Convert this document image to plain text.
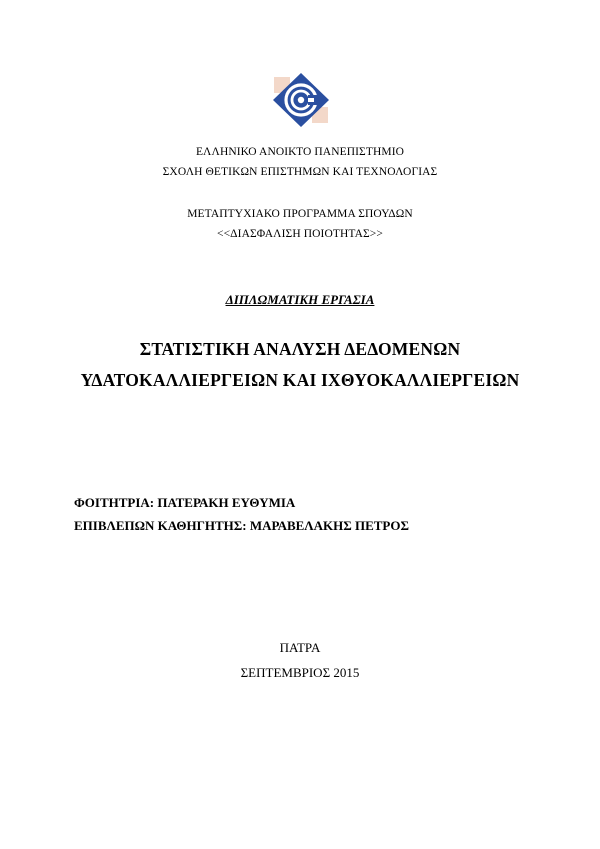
ΕΛΛΗΝΙΚΟ ΑΝΟΙΚΤΟ ΠΑΝΕΠΙΣΤΗΜΙΟ
ΣΧΟΛΗ ΘΕΤΙΚΩΝ ΕΠΙΣΤΗΜΩΝ ΚΑΙ ΤΕΧΝΟΛΟΓΙΑΣ
ΜΕΤΑΠΤΥΧΙΑΚΟ ΠΡΟΓΡΑΜΜΑ ΣΠΟΥΔΩΝ
<<ΔΙΑΣΦΑΛΙΣΗ ΠΟΙΟΤΗΤΑΣ>>
ΔΙΠΛΩΜΑΤΙΚΗ ΕΡΓΑΣΙΑ
ΣΤΑΤΙΣΤΙΚΗ ΑΝΑΛΥΣΗ ΔΕΔΟΜΕΝΩΝ
ΥΔΑΤΟΚΑΛΛΙΕΡΓΕΙΩΝ ΚΑΙ ΙΧΘΥΟΚΑΛΛΙΕΡΓΕΙΩΝ
ΦΟΙΤΗΤΡΙΑ: ΠΑΤΕΡΑΚΗ ΕΥΘΥΜΙΑ
ΕΠΙΒΛΕΠΩΝ ΚΑΘΗΓΗΤΗΣ: ΜΑΡΑΒΕΛΑΚΗΣ ΠΕΤΡΟΣ
ΠΑΤΡΑ
ΣΕΠΤΕΜΒΡΙΟΣ 2015
